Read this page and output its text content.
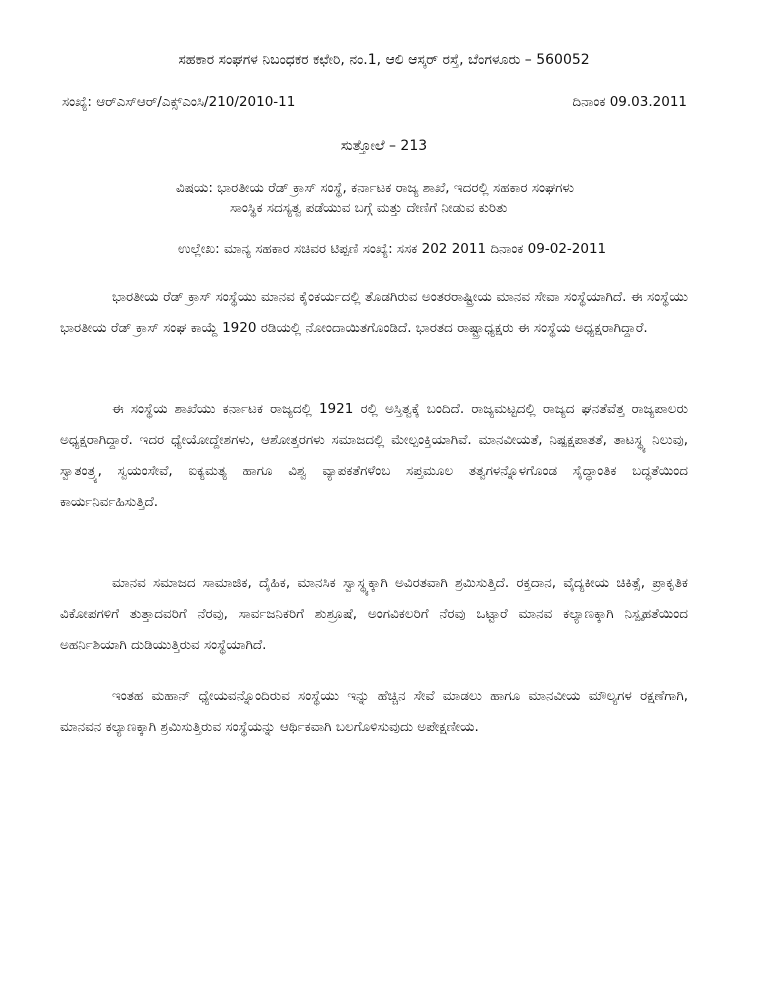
ಸಹಕಾರ ಸಂಘಗಳ ನಿಬಂಧಕರ ಕಛೇರಿ, ನಂ.1, ಆಲಿ ಆಸ್ಕರ್ ರಸ್ತೆ, ಬೆಂಗಳೂರು – 560052
ಸಂಖ್ಯೆ: ಆರ್‌ಎಸ್‌ಆರ್/ಎಕ್ಸ್‌ಎಂಸಿ/210/2010-11	ದಿನಾಂಕ 09.03.2011
ಸುತ್ತೋಲೆ – 213
ವಿಷಯ: ಭಾರತೀಯ ರೆಡ್ ಕ್ರಾಸ್ ಸಂಸ್ಥೆ, ಕರ್ನಾಟಕ ರಾಜ್ಯ ಶಾಖೆ, ಇದರಲ್ಲಿ ಸಹಕಾರ ಸಂಘಗಳು
ಸಾಂಸ್ಥಿಕ ಸದಸ್ಯತ್ವ ಪಡೆಯುವ ಬಗ್ಗೆ ಮತ್ತು ದೇಣಿಗೆ ನೀಡುವ ಕುರಿತು
ಉಲ್ಲೇಖ: ಮಾನ್ಯ ಸಹಕಾರ ಸಚಿವರ ಟಿಪ್ಪಣಿ ಸಂಖ್ಯೆ: ಸಸಕ 202 2011 ದಿನಾಂಕ 09-02-2011

ಭಾರತೀಯ ರೆಡ್ ಕ್ರಾಸ್ ಸಂಸ್ಥೆಯು ಮಾನವ ಕೈಂಕರ್ಯದಲ್ಲಿ ತೊಡಗಿರುವ ಅಂತರರಾಷ್ಟ್ರೀಯ ಮಾನವ ಸೇವಾ ಸಂಸ್ಥೆಯಾಗಿದೆ. ಈ ಸಂಸ್ಥೆಯು ಭಾರತೀಯ ರೆಡ್ ಕ್ರಾಸ್ ಸಂಘ ಕಾಯ್ದೆ 1920 ರಡಿಯಲ್ಲಿ ನೋಂದಾಯಿತಗೊಂಡಿದೆ. ಭಾರತದ ರಾಷ್ಟ್ರಾಧ್ಯಕ್ಷರು ಈ ಸಂಸ್ಥೆಯ ಅಧ್ಯಕ್ಷರಾಗಿದ್ದಾರೆ.

ಈ ಸಂಸ್ಥೆಯ ಶಾಖೆಯು ಕರ್ನಾಟಕ ರಾಜ್ಯದಲ್ಲಿ 1921 ರಲ್ಲಿ ಅಸ್ತಿತ್ವಕ್ಕೆ ಬಂದಿದೆ. ರಾಜ್ಯಮಟ್ಟದಲ್ಲಿ ರಾಜ್ಯದ ಘನತೆವೆತ್ತ ರಾಜ್ಯಪಾಲರು ಅಧ್ಯಕ್ಷರಾಗಿದ್ದಾರೆ. ಇದರ ಧ್ಯೇಯೋದ್ದೇಶಗಳು, ಆಶೋತ್ತರಗಳು ಸಮಾಜದಲ್ಲಿ ಮೇಲ್ಪಂಕ್ತಿಯಾಗಿವೆ. ಮಾನವೀಯತೆ, ನಿಷ್ಪಕ್ಷಪಾತತೆ, ತಾಟಸ್ಥ್ಯ ನಿಲುವು, ಸ್ವಾತಂತ್ರ್ಯ, ಸ್ವಯಂಸೇವೆ, ಐಕ್ಯಮತ್ಯ ಹಾಗೂ ವಿಶ್ವ ವ್ಯಾಪಕತೆಗಳೆಂಬ ಸಪ್ತಮೂಲ ತತ್ವಗಳನ್ನೊಳಗೊಂಡ ಸೈದ್ಧಾಂತಿಕ ಬದ್ಧತೆಯಿಂದ ಕಾರ್ಯನಿರ್ವಹಿಸುತ್ತಿದೆ.

ಮಾನವ ಸಮಾಜದ ಸಾಮಾಜಿಕ, ದೈಹಿಕ, ಮಾನಸಿಕ ಸ್ವಾಸ್ಥ್ಯಕ್ಕಾಗಿ ಅವಿರತವಾಗಿ ಶ್ರಮಿಸುತ್ತಿದೆ. ರಕ್ತದಾನ, ವೈದ್ಯಕೀಯ ಚಿಕಿತ್ಸೆ, ಪ್ರಾಕೃತಿಕ ವಿಕೋಪಗಳಿಗೆ ತುತ್ತಾದವರಿಗೆ ನೆರವು, ಸಾರ್ವಜನಿಕರಿಗೆ ಶುಶ್ರೂಷೆ, ಅಂಗವಿಕಲರಿಗೆ ನೆರವು ಒಟ್ಟಾರೆ ಮಾನವ ಕಲ್ಯಾಣಕ್ಕಾಗಿ ನಿಸ್ಪೃಹತೆಯಿಂದ ಅಹರ್ನಿಶಿಯಾಗಿ ದುಡಿಯುತ್ತಿರುವ ಸಂಸ್ಥೆಯಾಗಿದೆ.

ಇಂತಹ ಮಹಾನ್ ಧ್ಯೇಯವನ್ನೊಂದಿರುವ ಸಂಸ್ಥೆಯು ಇನ್ನು ಹೆಚ್ಚಿನ ಸೇವೆ ಮಾಡಲು ಹಾಗೂ ಮಾನವೀಯ ಮೌಲ್ಯಗಳ ರಕ್ಷಣೆಗಾಗಿ, ಮಾನವನ ಕಲ್ಯಾಣಕ್ಕಾಗಿ ಶ್ರಮಿಸುತ್ತಿರುವ ಸಂಸ್ಥೆಯನ್ನು ಆರ್ಥಿಕವಾಗಿ ಬಲಗೊಳಿಸುವುದು ಅಪೇಕ್ಷಣೀಯ.
